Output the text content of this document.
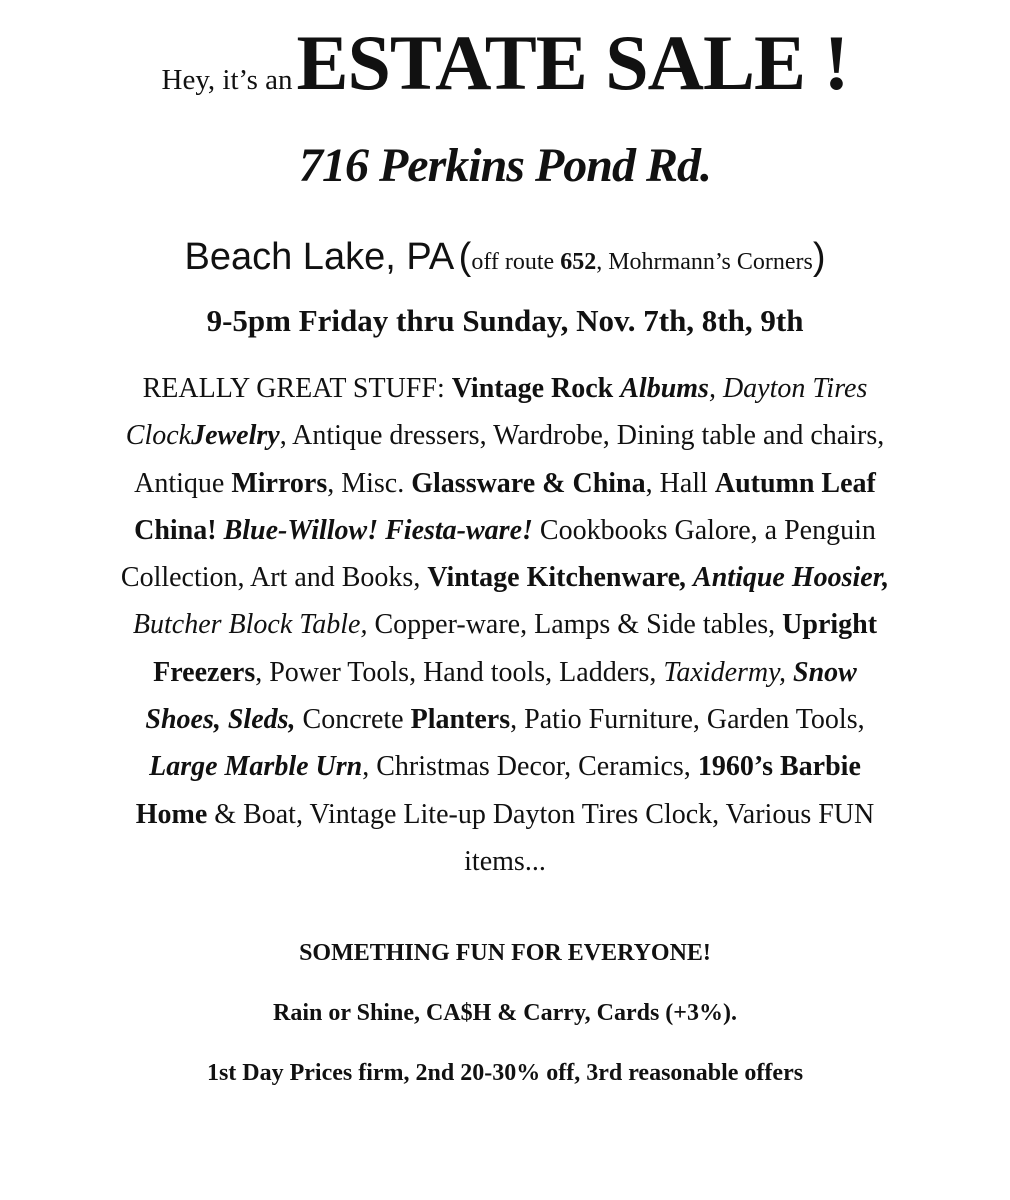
Hey, it’s an ESTATE SALE !
716 Perkins Pond Rd.
Beach Lake, PA (off route 652, Mohrmann’s Corners)
9-5pm Friday thru Sunday, Nov. 7th, 8th, 9th
REALLY GREAT STUFF: Vintage Rock Albums, Dayton Tires ClockJewelry, Antique dressers, Wardrobe, Dining table and chairs, Antique Mirrors, Misc. Glassware & China, Hall Autumn Leaf China! Blue-Willow! Fiesta-ware! Cookbooks Galore, a Penguin Collection, Art and Books, Vintage Kitchenware, Antique Hoosier, Butcher Block Table, Copper-ware, Lamps & Side tables, Upright Freezers, Power Tools, Hand tools, Ladders, Taxidermy, Snow Shoes, Sleds, Concrete Planters, Patio Furniture, Garden Tools, Large Marble Urn, Christmas Decor, Ceramics, 1960’s Barbie Home & Boat, Vintage Lite-up Dayton Tires Clock, Various FUN items...
SOMETHING FUN FOR EVERYONE!
Rain or Shine, CA$H & Carry, Cards (+3%).
1st Day Prices firm, 2nd 20-30% off, 3rd reasonable offers
